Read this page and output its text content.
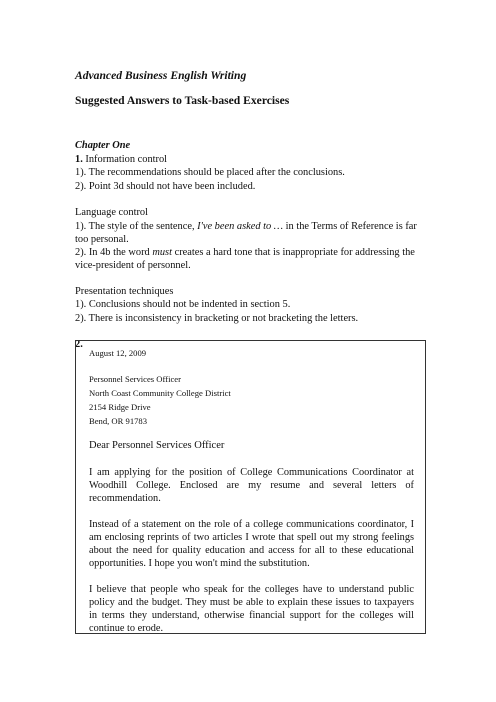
Advanced Business English Writing
Suggested Answers to Task-based Exercises
Chapter One
1. Information control
1). The recommendations should be placed after the conclusions.
2). Point 3d should not have been included.
Language control
1). The style of the sentence, I've been asked to … in the Terms of Reference is far too personal.
2). In 4b the word must creates a hard tone that is inappropriate for addressing the vice-president of personnel.
Presentation techniques
1). Conclusions should not be indented in section 5.
2). There is inconsistency in bracketing or not bracketing the letters.
2.
August 12, 2009
Personnel Services Officer
North Coast Community College District
2154 Ridge Drive
Bend, OR 91783
Dear Personnel Services Officer
I am applying for the position of College Communications Coordinator at Woodhill College. Enclosed are my resume and several letters of recommendation.
Instead of a statement on the role of a college communications coordinator, I am enclosing reprints of two articles I wrote that spell out my strong feelings about the need for quality education and access for all to these educational opportunities. I hope you won't mind the substitution.
I believe that people who speak for the colleges have to understand public policy and the budget. They must be able to explain these issues to taxpayers in terms they understand, otherwise financial support for the colleges will continue to erode.
